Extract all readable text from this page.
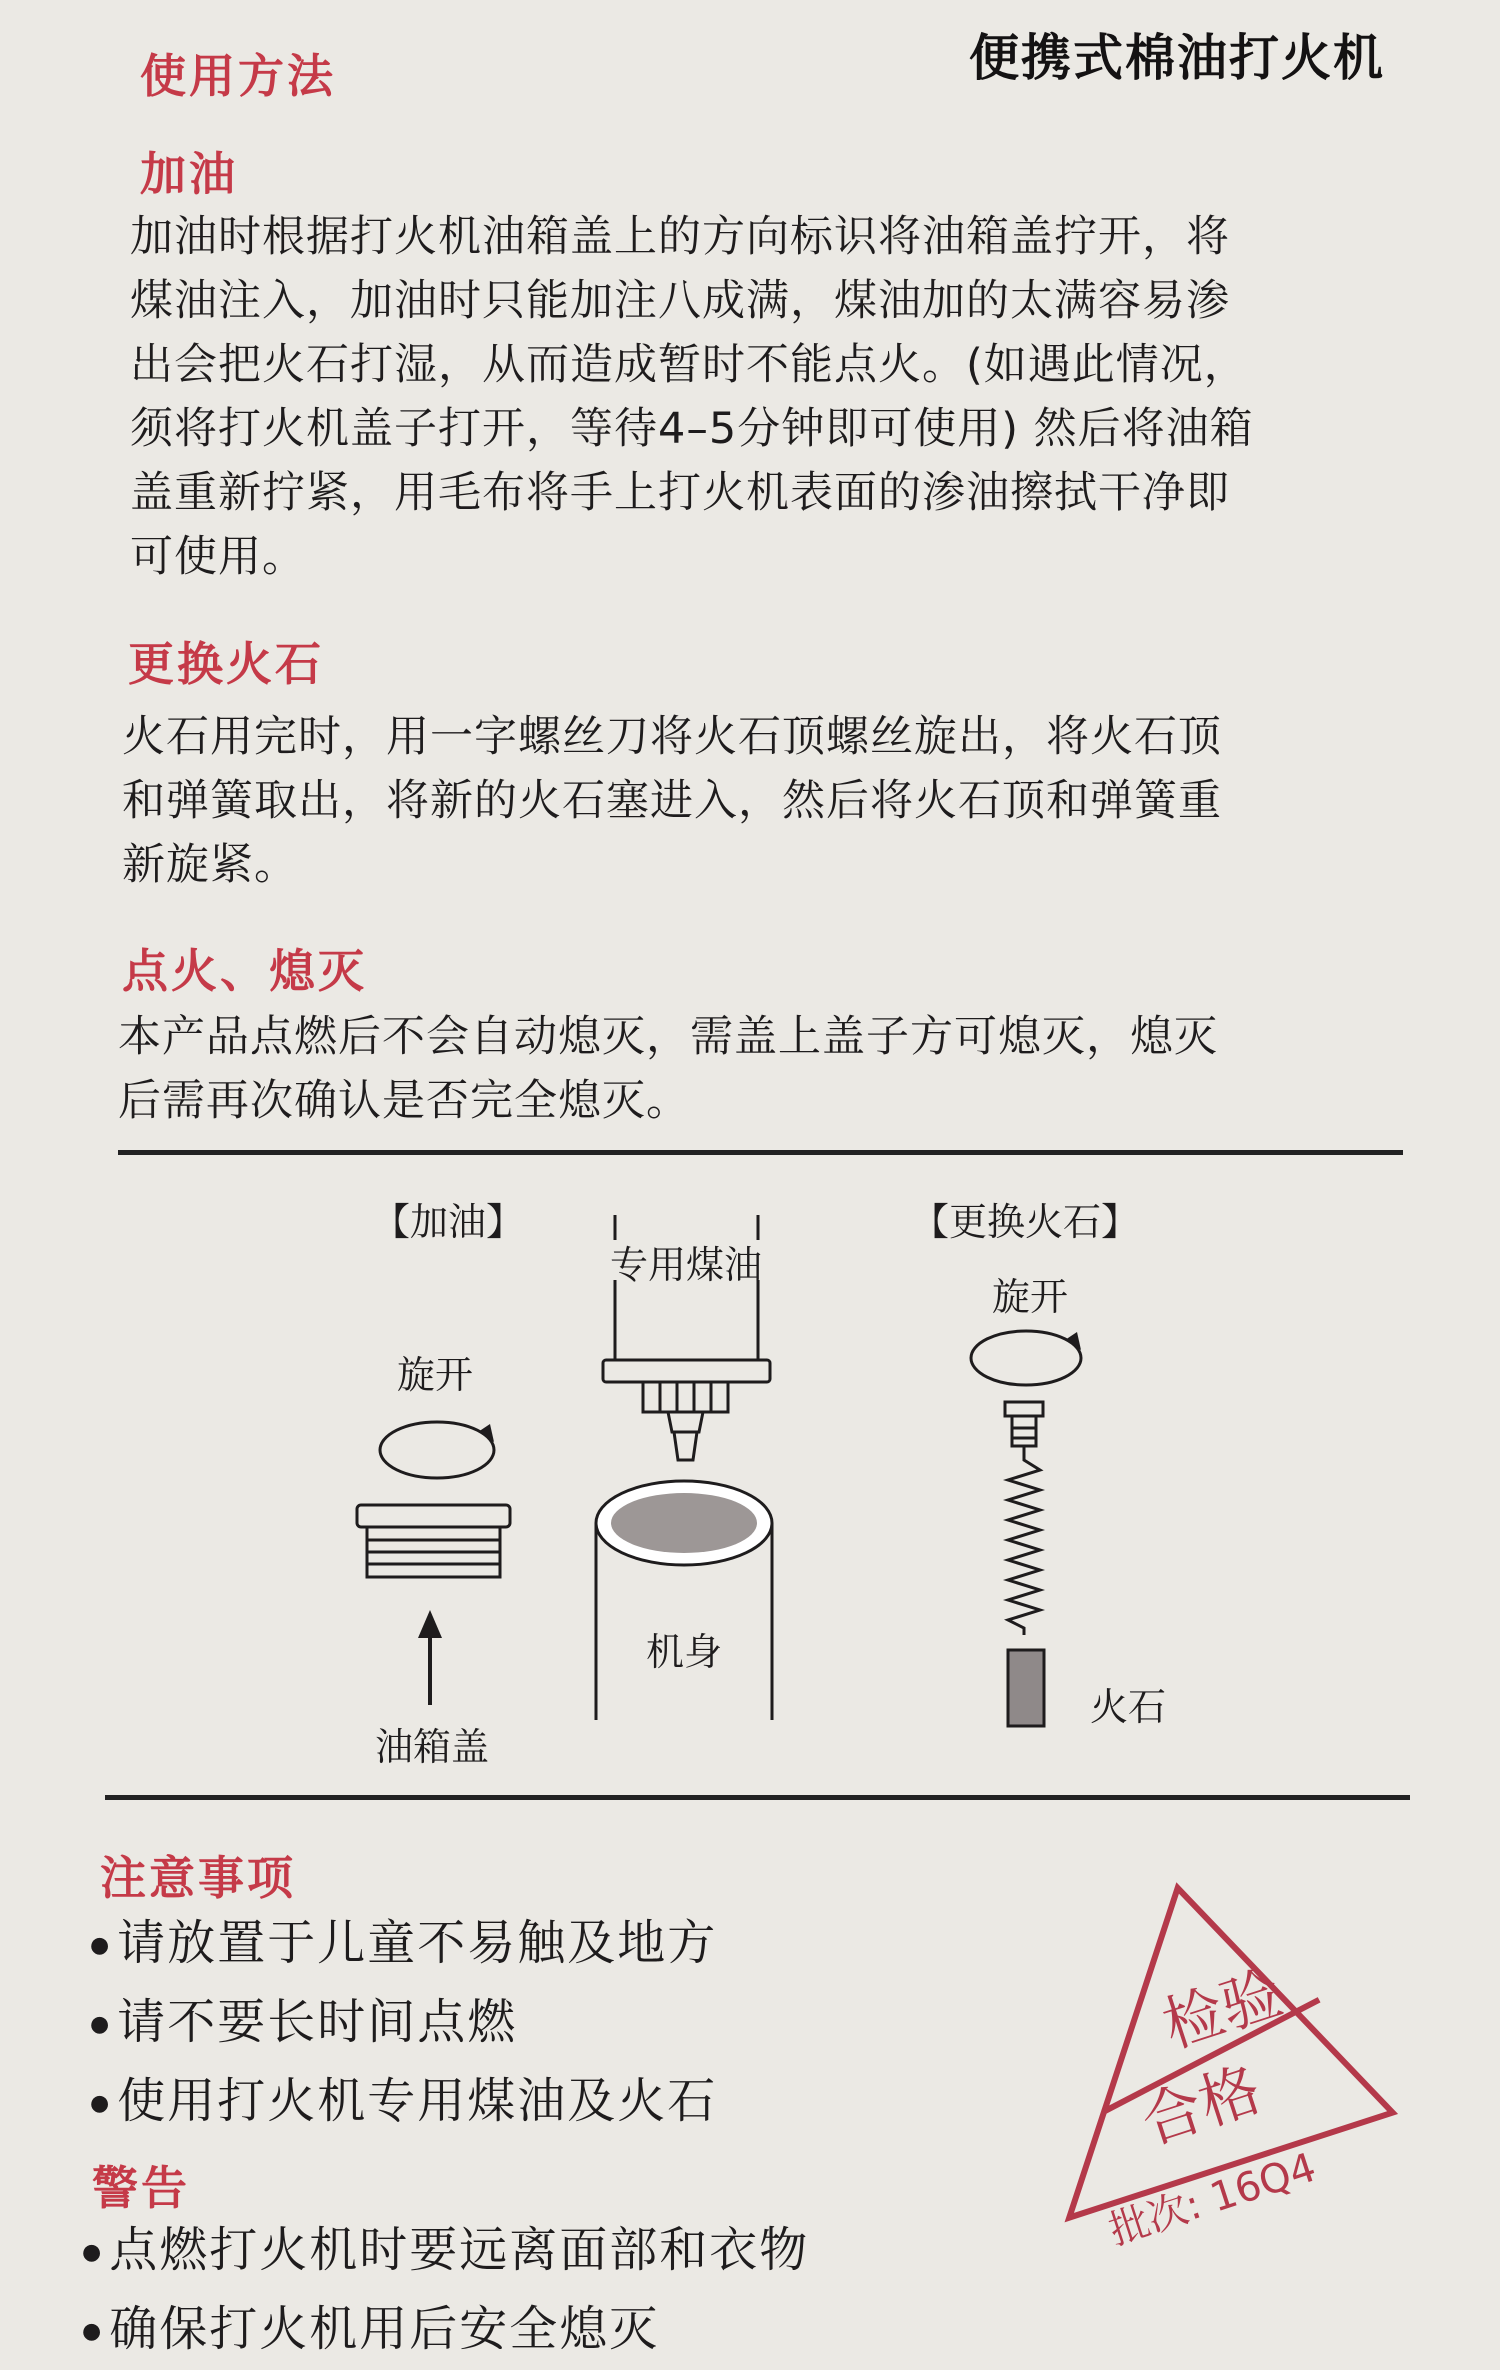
便携式棉油打火机
使用方法
加油
加油时根据打火机油箱盖上的方向标识将油箱盖拧开，将
煤油注入，加油时只能加注八成满，煤油加的太满容易渗
出会把火石打湿，从而造成暂时不能点火。(如遇此情况，
须将打火机盖子打开，等待4–5分钟即可使用) 然后将油箱
盖重新拧紧，用毛布将手上打火机表面的渗油擦拭干净即
可使用。
更换火石
火石用完时，用一字螺丝刀将火石顶螺丝旋出，将火石顶
和弹簧取出，将新的火石塞进入，然后将火石顶和弹簧重
新旋紧。
点火、熄灭
本产品点燃后不会自动熄灭，需盖上盖子方可熄灭，熄灭
后需再次确认是否完全熄灭。
【加油】
旋开
油箱盖
专用煤油
机身
【更换火石】
旋开
火石
注意事项
● 请放置于儿童不易触及地方
● 请不要长时间点燃
● 使用打火机专用煤油及火石
警告
● 点燃打火机时要远离面部和衣物
● 确保打火机用后安全熄灭
检验
合格
批次: 16Q4
